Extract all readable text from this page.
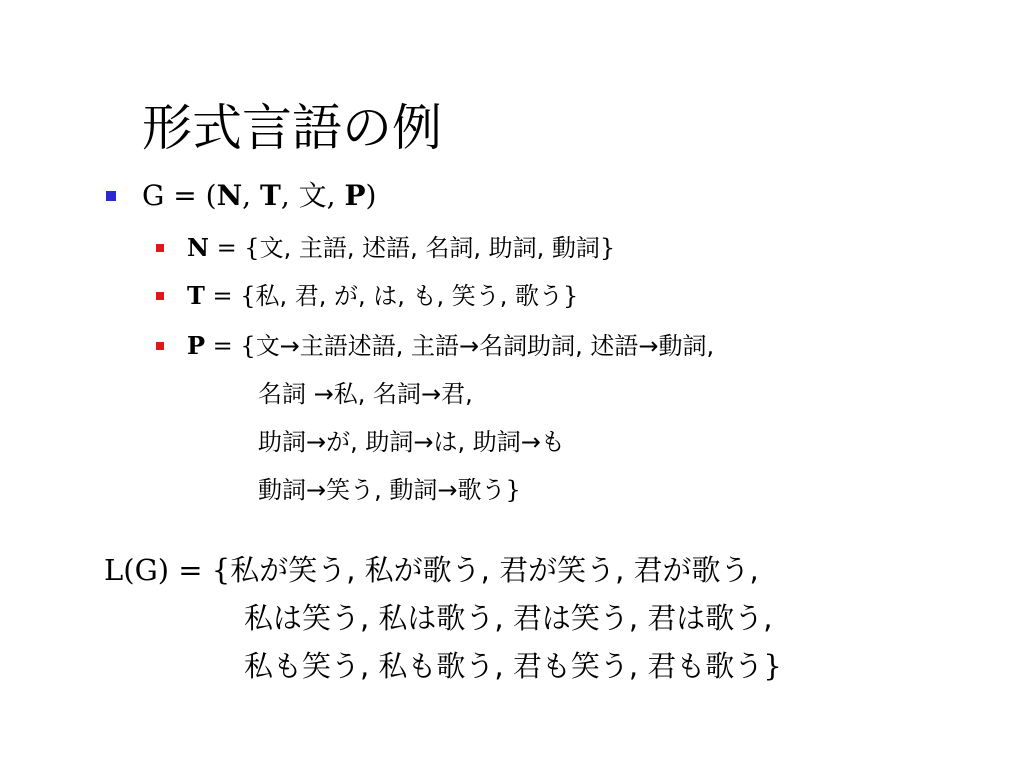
形式言語の例
G = (N, T, 文, P)
N = {文, 主語, 述語, 名詞, 助詞, 動詞}
T = {私, 君, が, は, も, 笑う, 歌う}
P = {文→主語述語, 主語→名詞助詞, 述語→動詞,
名詞 →私, 名詞→君,
助詞→が, 助詞→は, 助詞→も
動詞→笑う, 動詞→歌う}
L(G) = {私が笑う, 私が歌う, 君が笑う, 君が歌う,
私は笑う, 私は歌う, 君は笑う, 君は歌う,
私も笑う, 私も歌う, 君も笑う, 君も歌う}
